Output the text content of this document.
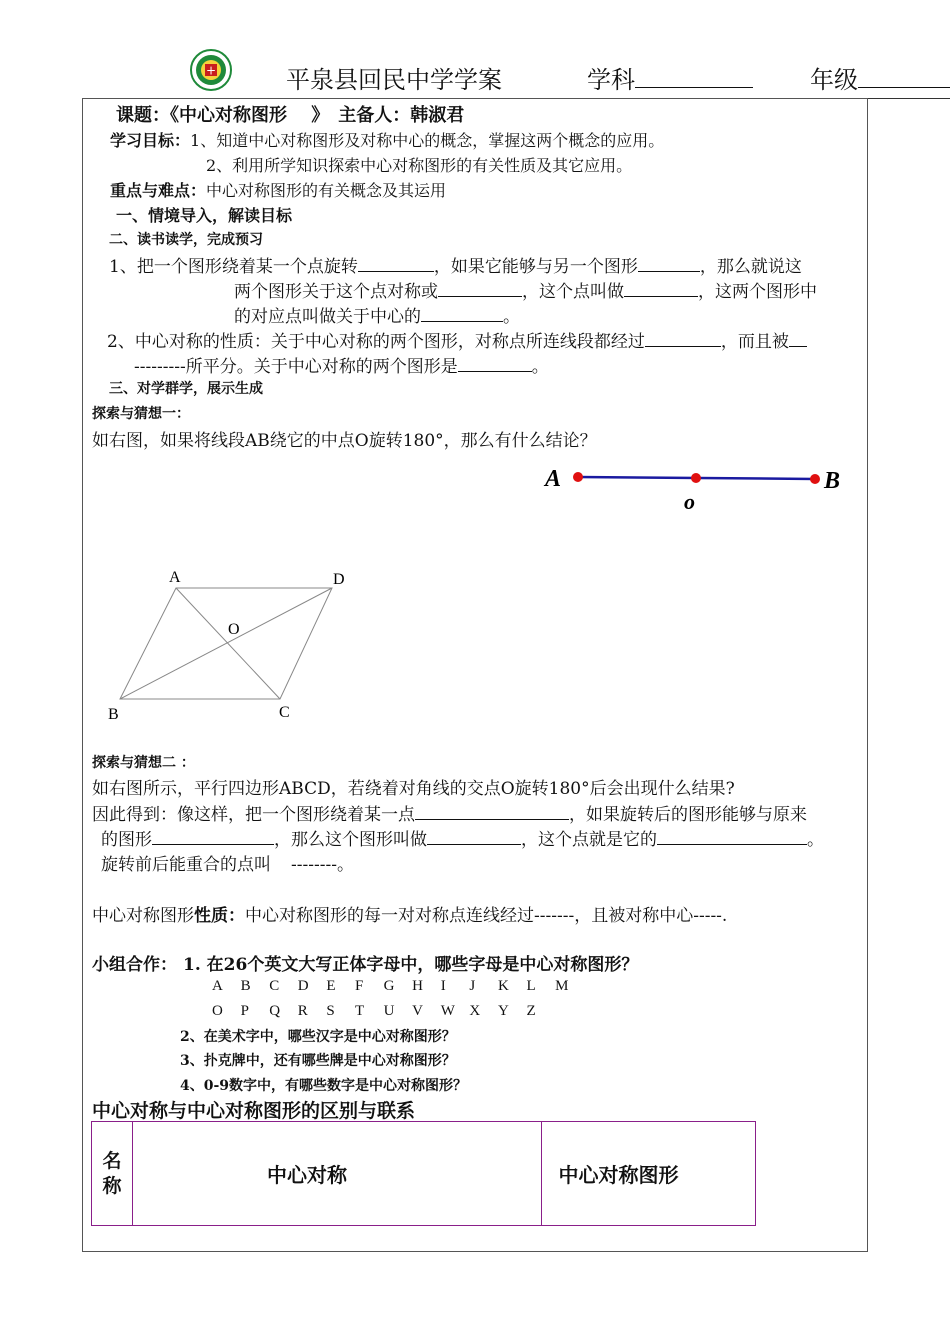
+	平泉县回民中学学案	学科	年级
课题：《中心对称图形　 》　主备人：韩淑君
学习目标：1、知道中心对称图形及对称中心的概念，掌握这两个概念的应用。
2、利用所学知识探索中心对称图形的有关性质及其它应用。
重点与难点：中心对称图形的有关概念及其运用
一、情境导入，解读目标
二、读书读学，完成预习
1、把一个图形绕着某一个点旋转	，如果它能够与另一个图形	，那么就说这
两个图形关于这个点对称或	，这个点叫做	，这两个图形中
的对应点叫做关于中心的	。
2、中心对称的性质：关于中心对称的两个图形，对称点所连线段都经过	，而且被
---------所平分。关于中心对称的两个图形是	。
三、对学群学，展示生成
探索与猜想一：
如右图，如果将线段AB绕它的中点O旋转180°，那么有什么结论？
A	B
o
A	D
O
B	C
探索与猜想二 ：
如右图所示，平行四边形ABCD，若绕着对角线的交点O旋转180°后会出现什么结果?
因此得到：像这样，把一个图形绕着某一点	，如果旋转后的图形能够与原来
的图形	，那么这个图形叫做	，这个点就是它的	。
旋转前后能重合的点叫 --------。
中心对称图形性质：中心对称图形的每一对对称点连线经过-------，且被对称中心-----.
小组合作： 1. 在26个英文大写正体字母中，哪些字母是中心对称图形？
A B C D E F G H I J K L M
O P Q R S T U V W X Y Z
2、在美术字中，哪些汉字是中心对称图形？
3、扑克牌中，还有哪些牌是中心对称图形？
4、0-9数字中，有哪些数字是中心对称图形？
中心对称与中心对称图形的区别与联系
名称	中心对称	中心对称图形
